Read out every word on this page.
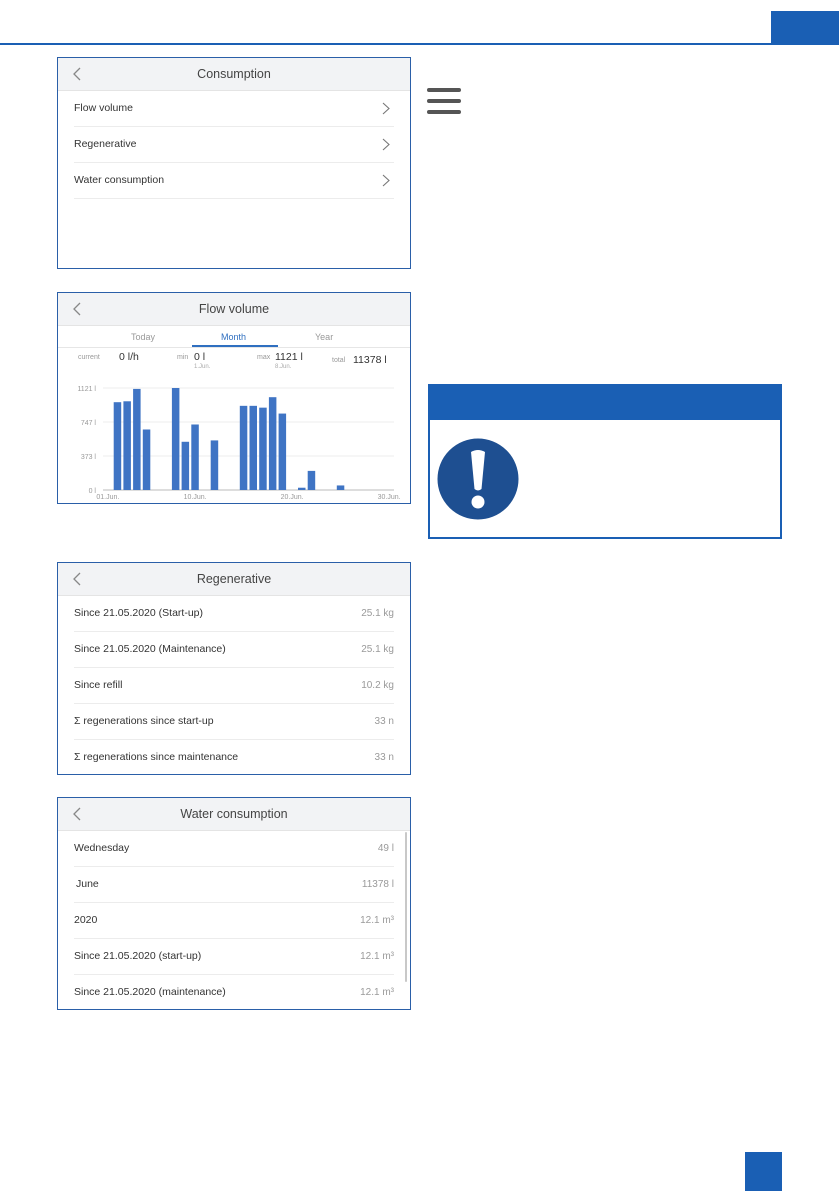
Consumption
Flow volume
Regenerative
Water consumption
Flow volume
Today	Month	Year
current 0 l/h	min 0 l
1.Jun.
max 1121 l
8.Jun.
total 11378 l
1121 l
747 l
373 l
0 l
01.Jun.	10.Jun.	20.Jun.	30.Jun.
Regenerative
Since 21.05.2020 (Start-up)	25.1 kg
Since 21.05.2020 (Maintenance)	25.1 kg
Since refill	10.2 kg
Σ regenerations since start-up	33 n
Σ regenerations since maintenance	33 n
Water consumption
Wednesday	49 l
June	11378 l
2020	12.1 m³
Since 21.05.2020 (start-up)	12.1 m³
Since 21.05.2020 (maintenance)	12.1 m³
